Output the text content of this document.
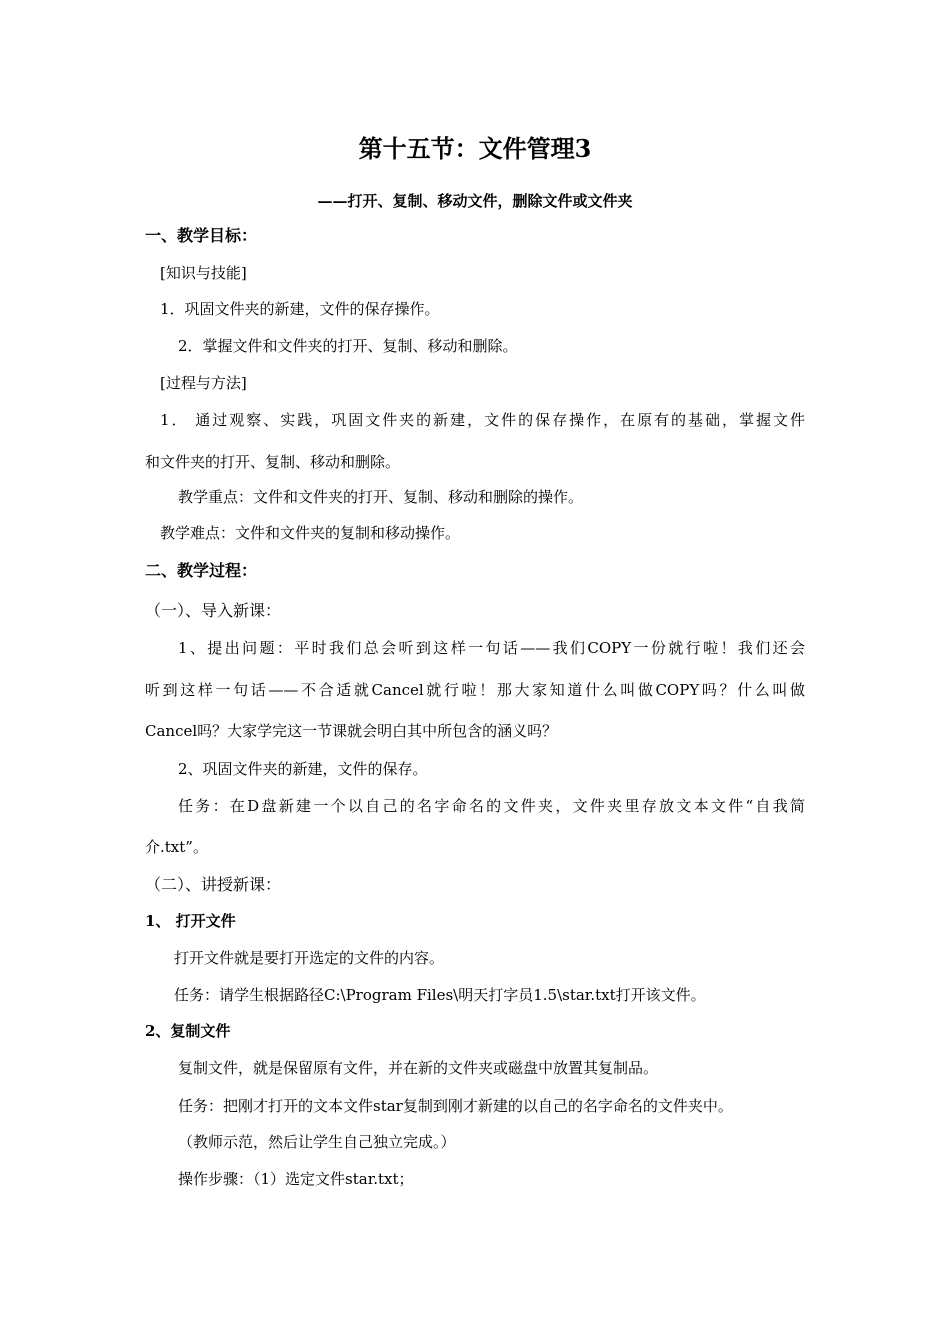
第十五节：文件管理3
——打开、复制、移动文件，删除文件或文件夹
一、教学目标：
[知识与技能]
1．巩固文件夹的新建，文件的保存操作。
2．掌握文件和文件夹的打开、复制、移动和删除。
[过程与方法]
1． 通过观察、实践，巩固文件夹的新建，文件的保存操作，在原有的基础，掌握文件
和文件夹的打开、复制、移动和删除。
教学重点：文件和文件夹的打开、复制、移动和删除的操作。
教学难点：文件和文件夹的复制和移动操作。
二、教学过程：
（一）、导入新课：
1、提出问题：平时我们总会听到这样一句话——我们COPY一份就行啦！我们还会
听到这样一句话——不合适就Cancel就行啦！那大家知道什么叫做COPY吗？什么叫做
Cancel吗？大家学完这一节课就会明白其中所包含的涵义吗？
2、巩固文件夹的新建，文件的保存。
任务：在D盘新建一个以自己的名字命名的文件夹，文件夹里存放文本文件“自我简
介.txt”。
（二）、讲授新课：
1、 打开文件
打开文件就是要打开选定的文件的内容。
任务：请学生根据路径C:\Program Files\明天打字员1.5\star.txt打开该文件。
2、复制文件
复制文件，就是保留原有文件，并在新的文件夹或磁盘中放置其复制品。
任务：把刚才打开的文本文件star复制到刚才新建的以自己的名字命名的文件夹中。
（教师示范，然后让学生自己独立完成。）
操作步骤：（1）选定文件star.txt；
